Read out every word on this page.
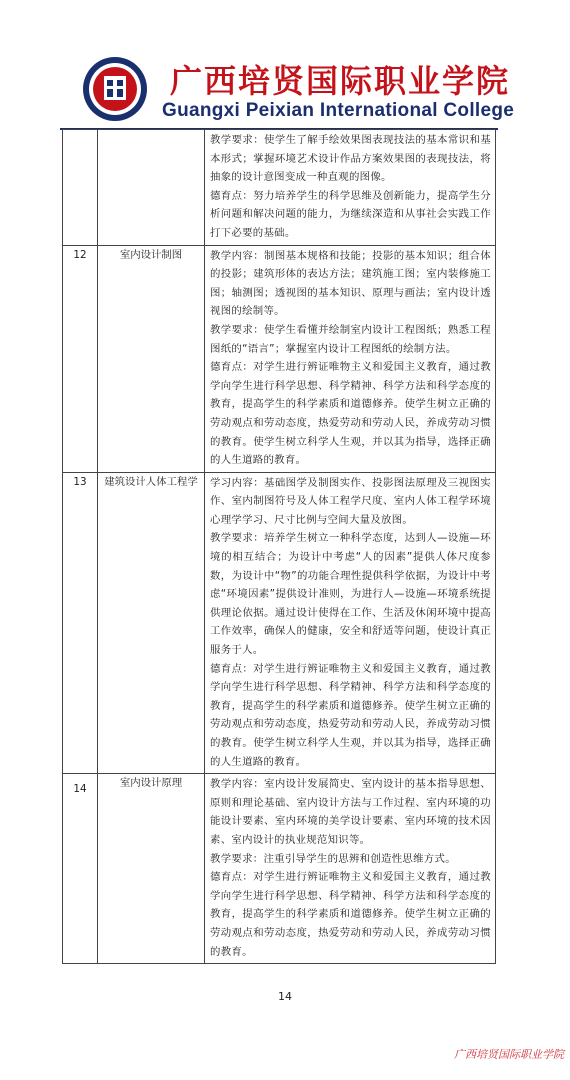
广西培贤国际职业学院
Guangxi Peixian International College

		教学要求：使学生了解手绘效果图表现技法的基本常识和基本形式；掌握环境艺术设计作品方案效果图的表现技法，将抽象的设计意图变成一种直观的图像。

德育点：努力培养学生的科学思维及创新能力，提高学生分析问题和解决问题的能力，为继续深造和从事社会实践工作打下必要的基础。

12	室内设计制图	教学内容：制图基本规格和技能；投影的基本知识；组合体的投影；建筑形体的表达方法；建筑施工图；室内装修施工图；轴测图；透视图的基本知识、原理与画法；室内设计透视图的绘制等。

教学要求：使学生看懂并绘制室内设计工程图纸；熟悉工程图纸的“语言”；掌握室内设计工程图纸的绘制方法。

德育点：对学生进行辨证唯物主义和爱国主义教育，通过教学向学生进行科学思想、科学精神、科学方法和科学态度的教育，提高学生的科学素质和道德修养。使学生树立正确的劳动观点和劳动态度，热爱劳动和劳动人民，养成劳动习惯的教育。使学生树立科学人生观，并以其为指导，选择正确的人生道路的教育。

13	建筑设计人体工程学	学习内容：基础图学及制图实作、投影图法原理及三视图实作、室内制图符号及人体工程学尺度、室内人体工程学环境心理学学习、尺寸比例与空间大量及放图。

教学要求：培养学生树立一种科学态度，达到人—设施—环境的相互结合；为设计中考虑“人的因素”提供人体尺度参数，为设计中“物”的功能合理性提供科学依据，为设计中考虑“环境因素”提供设计准则，为进行人—设施—环境系统提供理论依据。通过设计使得在工作、生活及休闲环境中提高工作效率，确保人的健康，安全和舒适等问题，使设计真正服务于人。

德育点：对学生进行辨证唯物主义和爱国主义教育，通过教学向学生进行科学思想、科学精神、科学方法和科学态度的教育，提高学生的科学素质和道德修养。使学生树立正确的劳动观点和劳动态度，热爱劳动和劳动人民，养成劳动习惯的教育。使学生树立科学人生观，并以其为指导，选择正确的人生道路的教育。

14	室内设计原理	教学内容：室内设计发展简史、室内设计的基本指导思想、原则和理论基础、室内设计方法与工作过程、室内环境的功能设计要素、室内环境的美学设计要素、室内环境的技术因素、室内设计的执业规范知识等。

教学要求：注重引导学生的思辨和创造性思维方式。

德育点：对学生进行辨证唯物主义和爱国主义教育，通过教学向学生进行科学思想、科学精神、科学方法和科学态度的教育，提高学生的科学素质和道德修养。使学生树立正确的劳动观点和劳动态度，热爱劳动和劳动人民，养成劳动习惯的教育。

14
广西培贤国际职业学院
